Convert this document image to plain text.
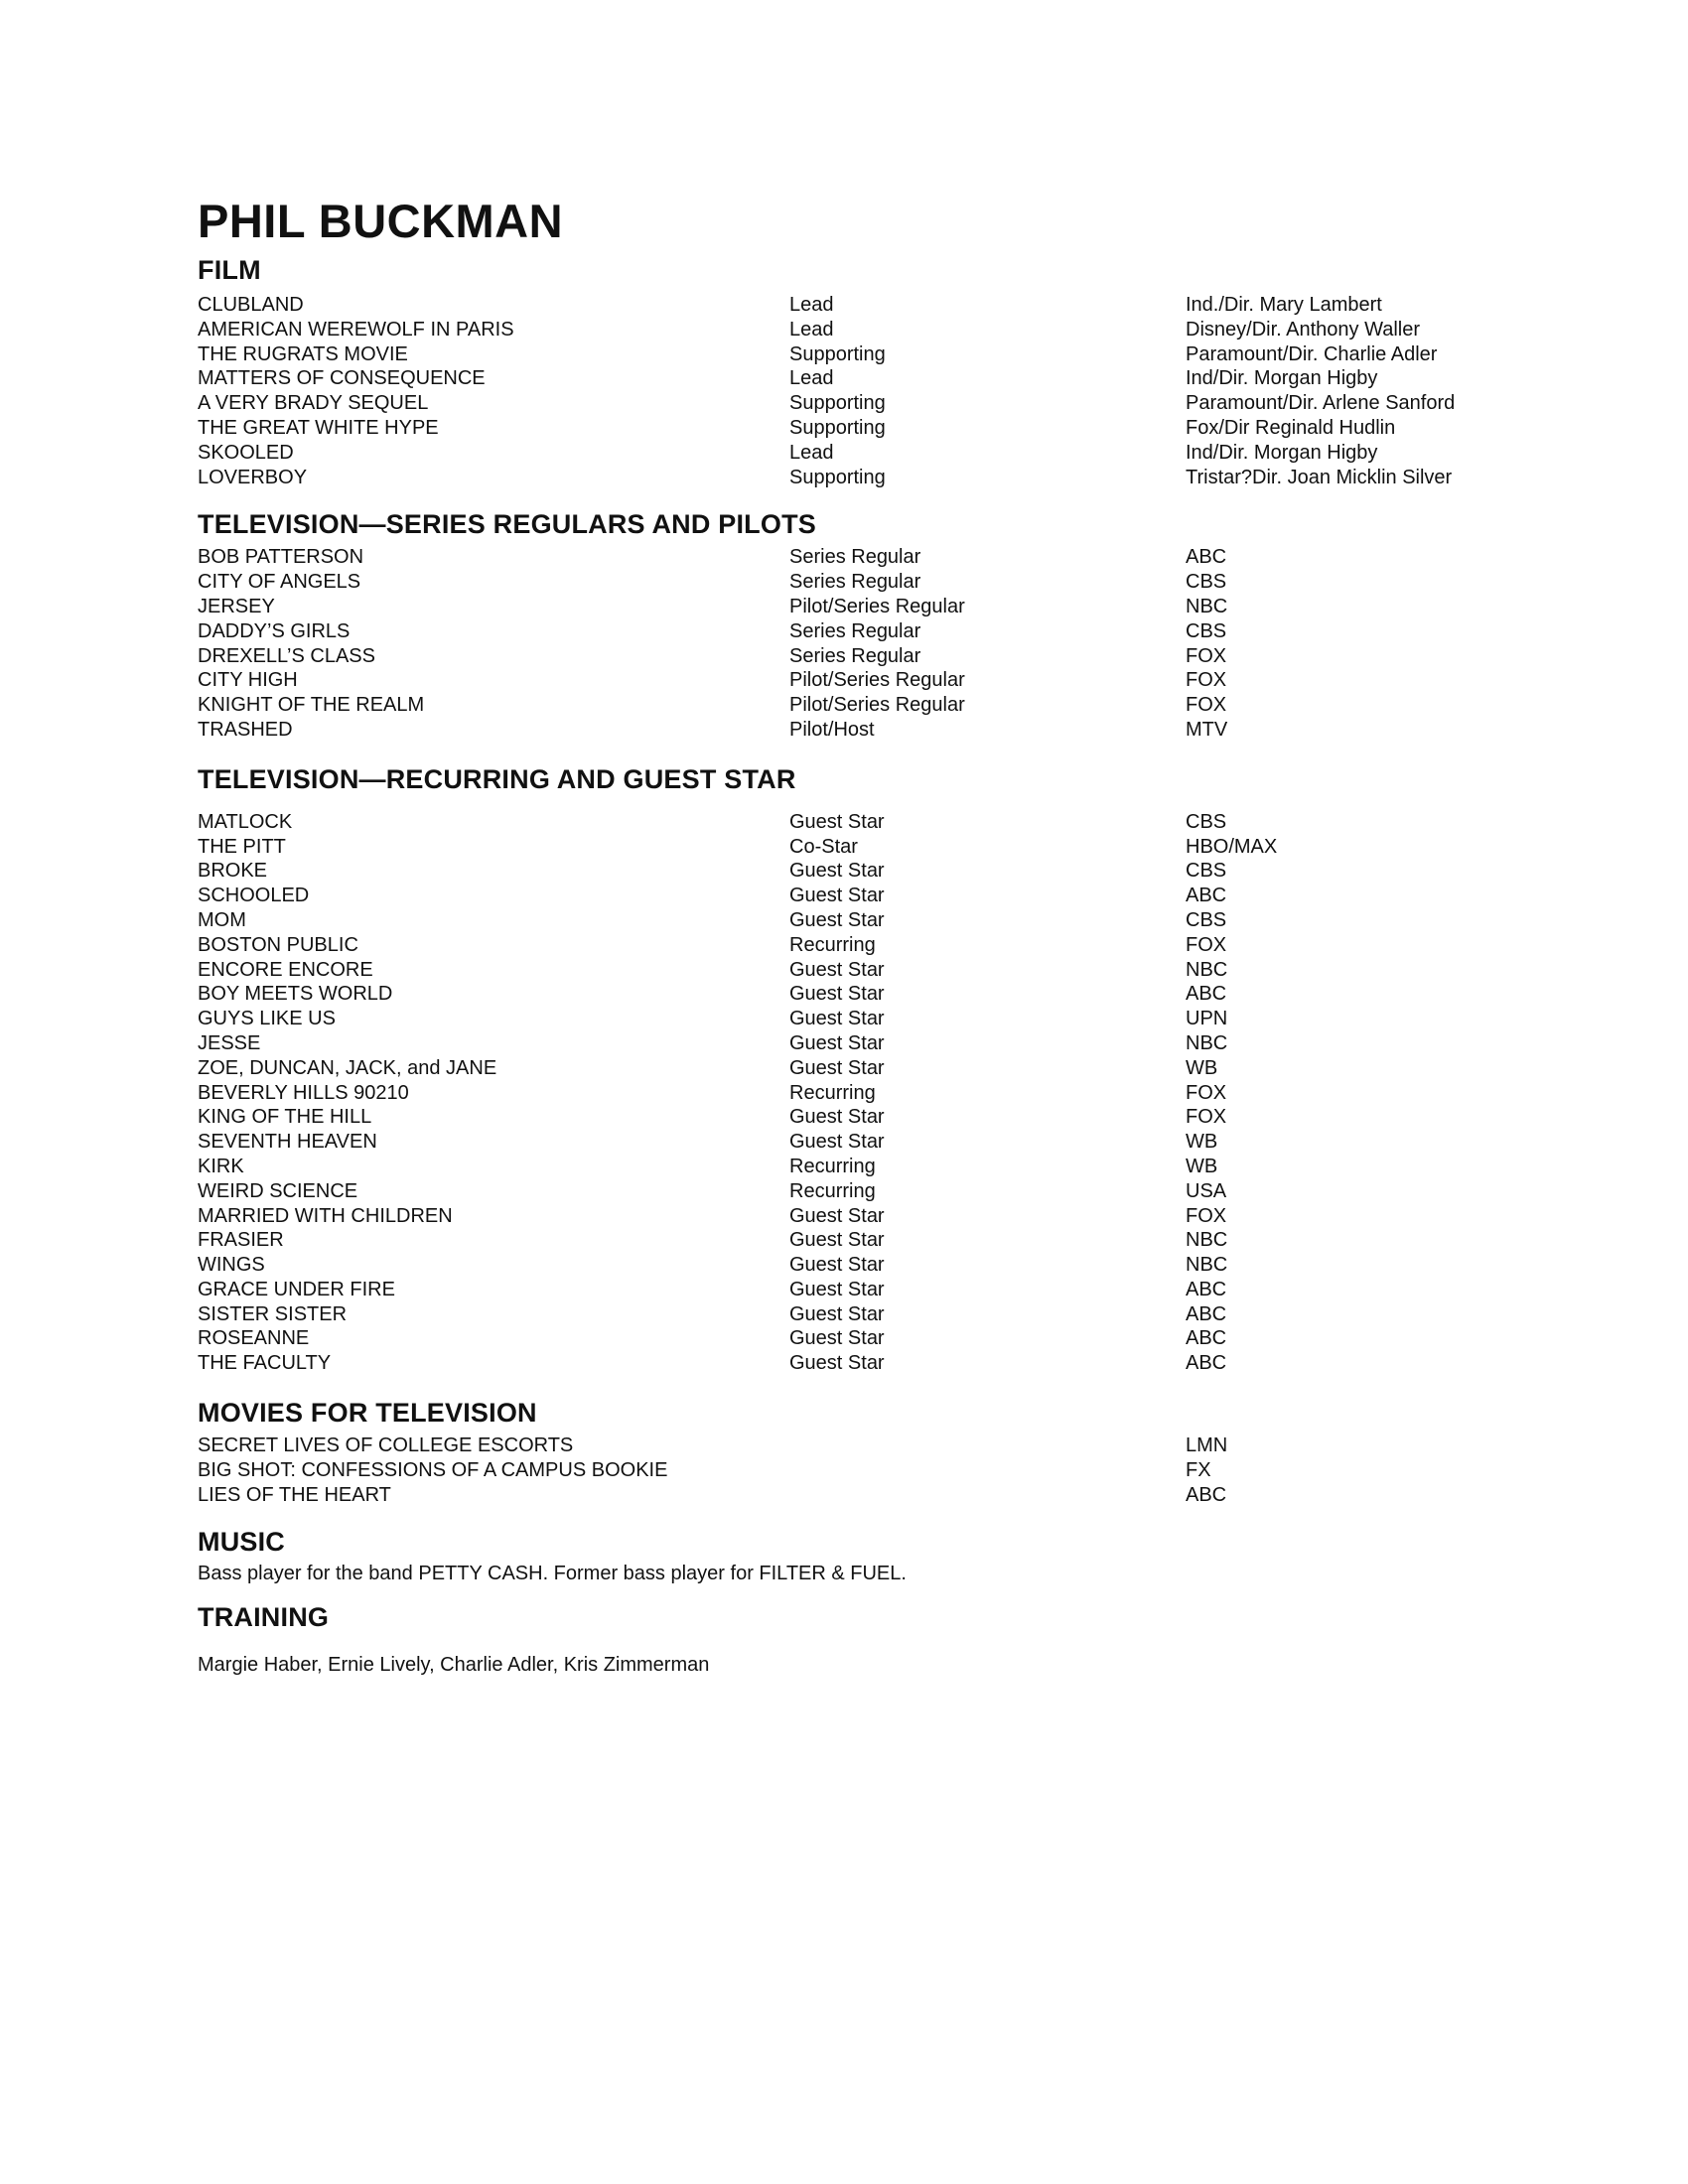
PHIL BUCKMAN
FILM
CLUBLAND	Lead	Ind./Dir. Mary Lambert
AMERICAN WEREWOLF IN PARIS	Lead	Disney/Dir. Anthony Waller
THE RUGRATS MOVIE	Supporting	Paramount/Dir. Charlie Adler
MATTERS OF CONSEQUENCE	Lead	Ind/Dir. Morgan Higby
A VERY BRADY SEQUEL	Supporting	Paramount/Dir. Arlene Sanford
THE GREAT WHITE HYPE	Supporting	Fox/Dir Reginald Hudlin
SKOOLED	Lead	Ind/Dir. Morgan Higby
LOVERBOY	Supporting	Tristar?Dir. Joan Micklin Silver
TELEVISION—SERIES REGULARS AND PILOTS
BOB PATTERSON	Series Regular	ABC
CITY OF ANGELS	Series Regular	CBS
JERSEY	Pilot/Series Regular	NBC
DADDY’S GIRLS	Series Regular	CBS
DREXELL’S CLASS	Series Regular	FOX
CITY HIGH	Pilot/Series Regular	FOX
KNIGHT OF THE REALM	Pilot/Series Regular	FOX
TRASHED	Pilot/Host	MTV
TELEVISION—RECURRING AND GUEST STAR
MATLOCK	Guest Star	CBS
THE PITT	Co-Star	HBO/MAX
BROKE	Guest Star	CBS
SCHOOLED	Guest Star	ABC
MOM	Guest Star	CBS
BOSTON PUBLIC	Recurring	FOX
ENCORE ENCORE	Guest Star	NBC
BOY MEETS WORLD	Guest Star	ABC
GUYS LIKE US	Guest Star	UPN
JESSE	Guest Star	NBC
ZOE, DUNCAN, JACK, and JANE	Guest Star	WB
BEVERLY HILLS 90210	Recurring	FOX
KING OF THE HILL	Guest Star	FOX
SEVENTH HEAVEN	Guest Star	WB
KIRK	Recurring	WB
WEIRD SCIENCE	Recurring	USA
MARRIED WITH CHILDREN	Guest Star	FOX
FRASIER	Guest Star	NBC
WINGS	Guest Star	NBC
GRACE UNDER FIRE	Guest Star	ABC
SISTER SISTER	Guest Star	ABC
ROSEANNE	Guest Star	ABC
THE FACULTY	Guest Star	ABC
MOVIES FOR TELEVISION
SECRET LIVES OF COLLEGE ESCORTS	LMN
BIG SHOT: CONFESSIONS OF A CAMPUS BOOKIE	FX
LIES OF THE HEART	ABC
MUSIC

Bass player for the band PETTY CASH. Former bass player for FILTER & FUEL.

TRAINING

Margie Haber, Ernie Lively, Charlie Adler, Kris Zimmerman
